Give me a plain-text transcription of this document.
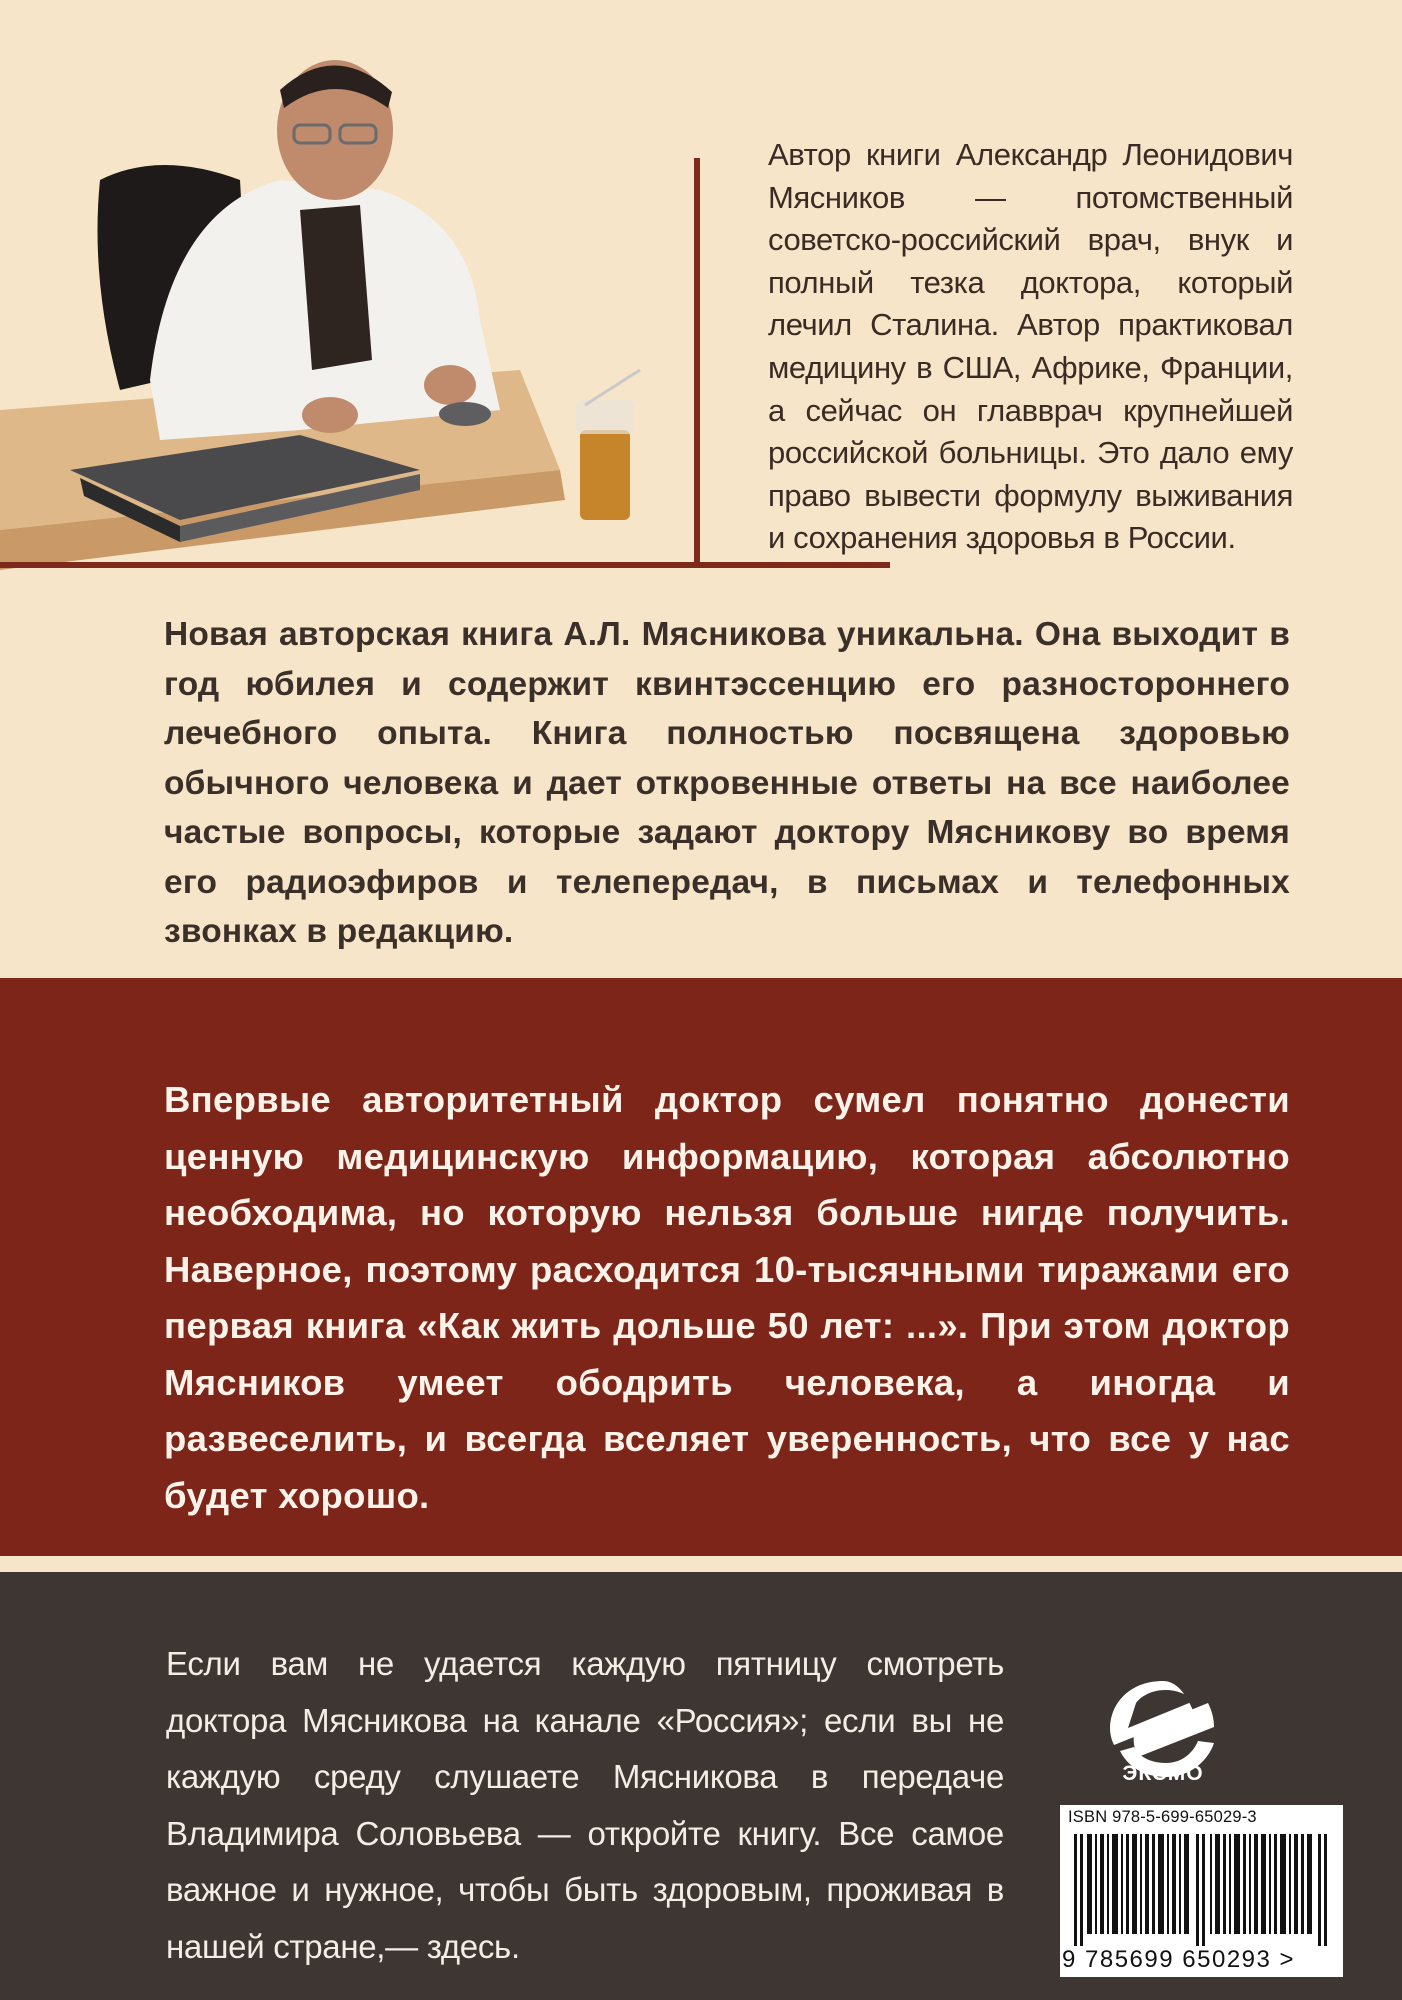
Автор книги Александр Леонидович Мясников — потомственный советско-российский врач, внук и полный тезка доктора, который лечил Сталина. Автор практиковал медицину в США, Африке, Франции, а сейчас он главврач крупнейшей российской больницы. Это дало ему право вывести формулу выживания и сохранения здоровья в России.
Новая авторская книга А.Л. Мясникова уникальна. Она выходит в год юбилея и содержит квинтэссенцию его разностороннего лечебного опыта. Книга полностью посвящена здоровью обычного человека и дает откровенные ответы на все наиболее частые вопросы, которые задают доктору Мясникову во время его радиоэфиров и телепередач, в письмах и телефонных звонках в редакцию.
Впервые авторитетный доктор сумел понятно донести ценную медицинскую информацию, которая абсолютно необходима, но которую нельзя больше нигде получить. Наверное, поэтому расходится 10-тысячными тиражами его первая книга «Как жить дольше 50 лет: ...». При этом доктор Мясников умеет ободрить человека, а иногда и развеселить, и всегда вселяет уверенность, что все у нас будет хорошо.
Если вам не удается каждую пятницу смотреть доктора Мясникова на канале «Россия»; если вы не каждую среду слушаете Мясникова в передаче Владимира Соловьева — откройте книгу. Все самое важное и нужное, чтобы быть здоровым, проживая в нашей стране,— здесь.
ЭКСМО
ISBN 978-5-699-65029-3
9 785699 650293 >
